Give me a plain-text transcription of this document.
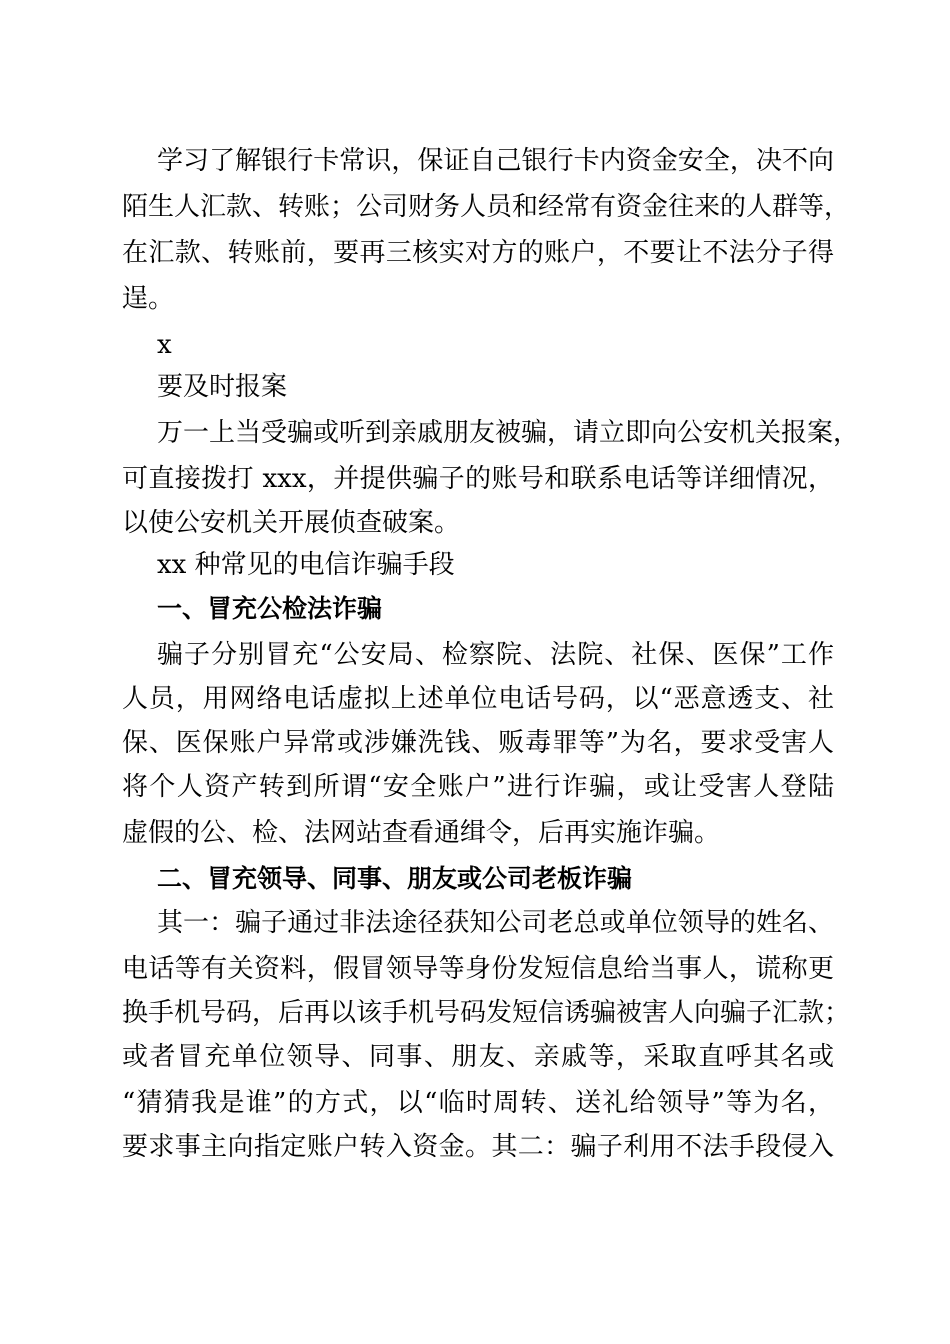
学习了解银行卡常识，保证自己银行卡内资金安全，决不向
陌生人汇款、转账；公司财务人员和经常有资金往来的人群等，
在汇款、转账前，要再三核实对方的账户，不要让不法分子得
逞。
x
要及时报案
万一上当受骗或听到亲戚朋友被骗，请立即向公安机关报案，
可直接拨打 xxx，并提供骗子的账号和联系电话等详细情况，
以使公安机关开展侦查破案。
xx 种常见的电信诈骗手段
一、冒充公检法诈骗
骗子分别冒充“公安局、检察院、法院、社保、医保”工作
人员，用网络电话虚拟上述单位电话号码，以“恶意透支、社
保、医保账户异常或涉嫌洗钱、贩毒罪等”为名，要求受害人
将个人资产转到所谓“安全账户”进行诈骗，或让受害人登陆
虚假的公、检、法网站查看通缉令，后再实施诈骗。
二、冒充领导、同事、朋友或公司老板诈骗
其一：骗子通过非法途径获知公司老总或单位领导的姓名、
电话等有关资料，假冒领导等身份发短信息给当事人，谎称更
换手机号码，后再以该手机号码发短信诱骗被害人向骗子汇款；
或者冒充单位领导、同事、朋友、亲戚等，采取直呼其名或
“猜猜我是谁”的方式，以“临时周转、送礼给领导”等为名，
要求事主向指定账户转入资金。其二：骗子利用不法手段侵入
